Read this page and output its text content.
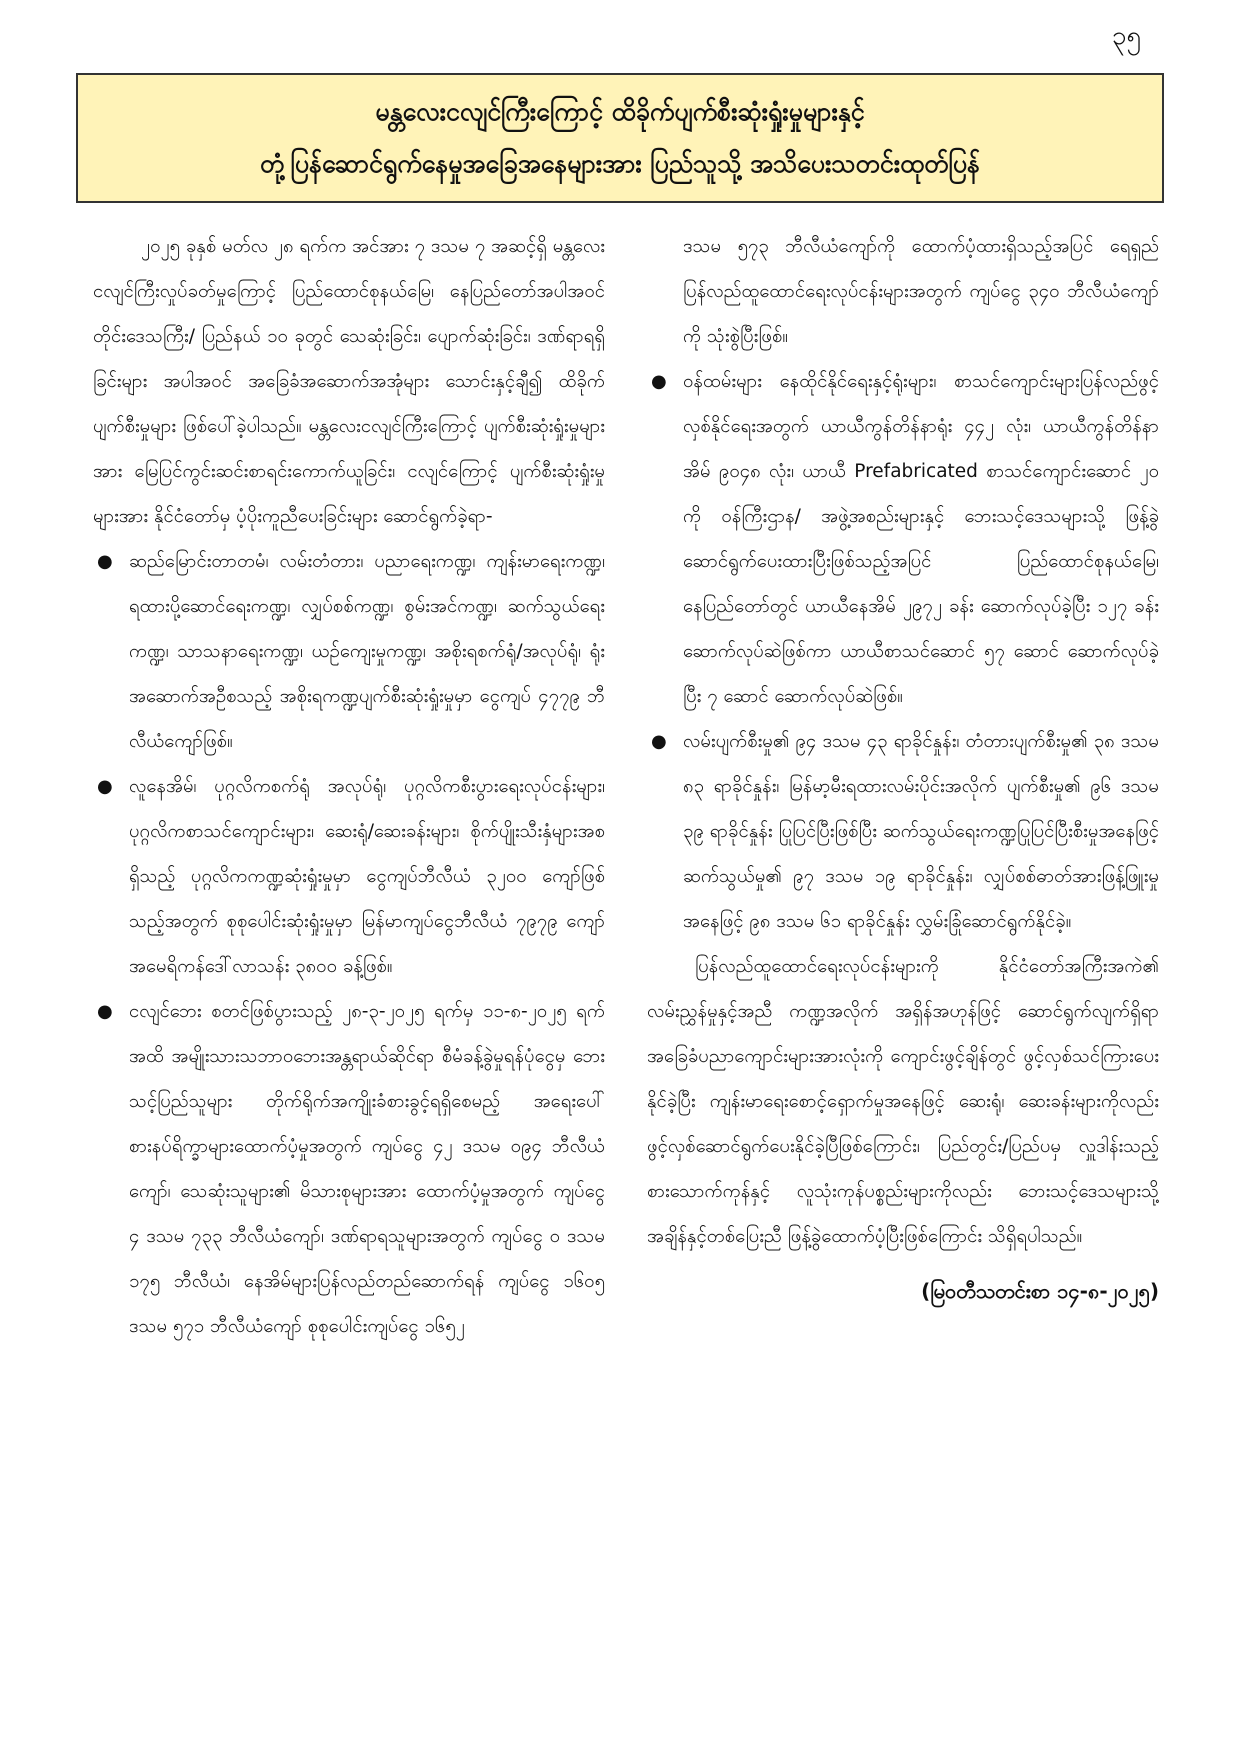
၃၅
မန္တလေးငလျင်ကြီးကြောင့် ထိခိုက်ပျက်စီးဆုံးရှုံးမှုများနှင့်
တုံ့ပြန်ဆောင်ရွက်နေမှုအခြေအနေများအား ပြည်သူသို့ အသိပေးသတင်းထုတ်ပြန်

၂၀၂၅ ခုနှစ် မတ်လ ၂၈ ရက်က အင်အား ၇ ဒသမ ၇ အဆင့်ရှိ မန္တလေးငလျင်ကြီးလှုပ်ခတ်မှုကြောင့် ပြည်ထောင်စုနယ်မြေ၊ နေပြည်တော်အပါအဝင် တိုင်းဒေသကြီး/ ပြည်နယ် ၁၀ ခုတွင် သေဆုံးခြင်း၊ ပျောက်ဆုံးခြင်း၊ ဒဏ်ရာရရှိခြင်းများ အပါအဝင် အခြေခံအဆောက်အအုံများ သောင်းနှင့်ချီ၍ ထိခိုက်ပျက်စီးမှုများ ဖြစ်ပေါ်ခဲ့ပါသည်။ မန္တလေးငလျင်ကြီးကြောင့် ပျက်စီးဆုံးရှုံးမှုများအား မြေပြင်ကွင်းဆင်းစာရင်းကောက်ယူခြင်း၊ ငလျင်ကြောင့် ပျက်စီးဆုံးရှုံးမှုများအား နိုင်ငံတော်မှ ပံ့ပိုးကူညီပေးခြင်းများ ဆောင်ရွက်ခဲ့ရာ-

● ဆည်မြောင်းတာတမံ၊ လမ်းတံတား၊ ပညာရေးကဏ္ဍ၊ ကျန်းမာရေးကဏ္ဍ၊ ရထားပို့ဆောင်ရေးကဏ္ဍ၊ လျှပ်စစ်ကဏ္ဍ၊ စွမ်းအင်ကဏ္ဍ၊ ဆက်သွယ်ရေးကဏ္ဍ၊ သာသနာရေးကဏ္ဍ၊ ယဉ်ကျေးမှုကဏ္ဍ၊ အစိုးရစက်ရုံ/အလုပ်ရုံ၊ ရုံးအဆောက်အဦစသည့် အစိုးရကဏ္ဍပျက်စီးဆုံးရှုံးမှုမှာ ငွေကျပ် ၄၇၇၉ ဘီလီယံကျော်ဖြစ်။

● လူနေအိမ်၊ ပုဂ္ဂလိကစက်ရုံ အလုပ်ရုံ၊ ပုဂ္ဂလိကစီးပွားရေးလုပ်ငန်းများ၊ ပုဂ္ဂလိကစာသင်ကျောင်းများ၊ ဆေးရုံ/ဆေးခန်းများ၊ စိုက်ပျိုးသီးနှံများအစရှိသည့် ပုဂ္ဂလိကကဏ္ဍဆုံးရှုံးမှုမှာ ငွေကျပ်ဘီလီယံ ၃၂၀၀ ကျော်ဖြစ်သည့်အတွက် စုစုပေါင်းဆုံးရှုံးမှုမှာ မြန်မာကျပ်ငွေဘီလီယံ ၇၉၇၉ ကျော် အမေရိကန်ဒေါ်လာသန်း ၃၈၀၀ ခန့်ဖြစ်။

● ငလျင်ဘေး စတင်ဖြစ်ပွားသည့် ၂၈-၃-၂၀၂၅ ရက်မှ ၁၁-၈-၂၀၂၅ ရက်အထိ အမျိုးသားသဘာဝဘေးအန္တရာယ်ဆိုင်ရာ စီမံခန့်ခွဲမှုရန်ပုံငွေမှ ဘေးသင့်ပြည်သူများ တိုက်ရိုက်အကျိုးခံစားခွင့်ရရှိစေမည့် အရေးပေါ်စားနပ်ရိက္ခာများထောက်ပံ့မှုအတွက် ကျပ်ငွေ ၄၂ ဒသမ ၀၉၄ ဘီလီယံကျော်၊ သေဆုံးသူများ၏ မိသားစုများအား ထောက်ပံ့မှုအတွက် ကျပ်ငွေ ၄ ဒသမ ၇၃၃ ဘီလီယံကျော်၊ ဒဏ်ရာရသူများအတွက် ကျပ်ငွေ ၀ ဒသမ ၁၇၅ ဘီလီယံ၊ နေအိမ်များပြန်လည်တည်ဆောက်ရန် ကျပ်ငွေ ၁၆၀၅ ဒသမ ၅၇၁ ဘီလီယံကျော် စုစုပေါင်းကျပ်ငွေ ၁၆၅၂

ဒသမ ၅၇၃ ဘီလီယံကျော်ကို ထောက်ပံ့ထားရှိသည့်အပြင် ရေရှည်ပြန်လည်ထူထောင်ရေးလုပ်ငန်းများအတွက် ကျပ်ငွေ ၃၄၀ ဘီလီယံကျော်ကို သုံးစွဲပြီးဖြစ်။

● ဝန်ထမ်းများ နေထိုင်နိုင်ရေးနှင့်ရုံးများ၊ စာသင်ကျောင်းများပြန်လည်ဖွင့်လှစ်နိုင်ရေးအတွက် ယာယီကွန်တိန်နာရုံး ၄၄၂ လုံး၊ ယာယီကွန်တိန်နာအိမ် ၉၀၄၈ လုံး၊ ယာယီ Prefabricated စာသင်ကျောင်းဆောင် ၂၀ ကို ဝန်ကြီးဌာန/ အဖွဲ့အစည်းများနှင့် ဘေးသင့်ဒေသများသို့ ဖြန့်ခွဲဆောင်ရွက်ပေးထားပြီးဖြစ်သည့်အပြင် ပြည်ထောင်စုနယ်မြေ၊ နေပြည်တော်တွင် ယာယီနေအိမ် ၂၉၇၂ ခန်း ဆောက်လုပ်ခဲ့ပြီး ၁၂၇ ခန်းဆောက်လုပ်ဆဲဖြစ်ကာ ယာယီစာသင်ဆောင် ၅၇ ဆောင် ဆောက်လုပ်ခဲ့ပြီး ၇ ဆောင် ဆောက်လုပ်ဆဲဖြစ်။

● လမ်းပျက်စီးမှု၏ ၉၄ ဒသမ ၄၃ ရာခိုင်နှုန်း၊ တံတားပျက်စီးမှု၏ ၃၈ ဒသမ ၈၃ ရာခိုင်နှုန်း၊ မြန်မာ့မီးရထားလမ်းပိုင်းအလိုက် ပျက်စီးမှု၏ ၉၆ ဒသမ ၃၉ ရာခိုင်နှုန်း ပြုပြင်ပြီးဖြစ်ပြီး ဆက်သွယ်ရေးကဏ္ဍပြုပြင်ပြီးစီးမှုအနေဖြင့် ဆက်သွယ်မှု၏ ၉၇ ဒသမ ၁၉ ရာခိုင်နှုန်း၊ လျှပ်စစ်ဓာတ်အားဖြန့်ဖြူးမှုအနေဖြင့် ၉၈ ဒသမ ၆၁ ရာခိုင်နှုန်း လွှမ်းခြုံဆောင်ရွက်နိုင်ခဲ့။

ပြန်လည်ထူထောင်ရေးလုပ်ငန်းများကို နိုင်ငံတော်အကြီးအကဲ၏ လမ်းညွှန်မှုနှင့်အညီ ကဏ္ဍအလိုက် အရှိန်အဟုန်ဖြင့် ဆောင်ရွက်လျက်ရှိရာ အခြေခံပညာကျောင်းများအားလုံးကို ကျောင်းဖွင့်ချိန်တွင် ဖွင့်လှစ်သင်ကြားပေးနိုင်ခဲ့ပြီး ကျန်းမာရေးစောင့်ရှောက်မှုအနေဖြင့် ဆေးရုံ၊ ဆေးခန်းများကိုလည်း ဖွင့်လှစ်ဆောင်ရွက်ပေးနိုင်ခဲ့ပြီဖြစ်ကြောင်း၊ ပြည်တွင်း/ပြည်ပမှ လှူဒါန်းသည့်စားသောက်ကုန်နှင့် လူသုံးကုန်ပစ္စည်းများကိုလည်း ဘေးသင့်ဒေသများသို့ အချိန်နှင့်တစ်ပြေးညီ ဖြန့်ခွဲထောက်ပံ့ပြီးဖြစ်ကြောင်း သိရှိရပါသည်။

(မြဝတီသတင်းစာ ၁၄-၈-၂၀၂၅)
